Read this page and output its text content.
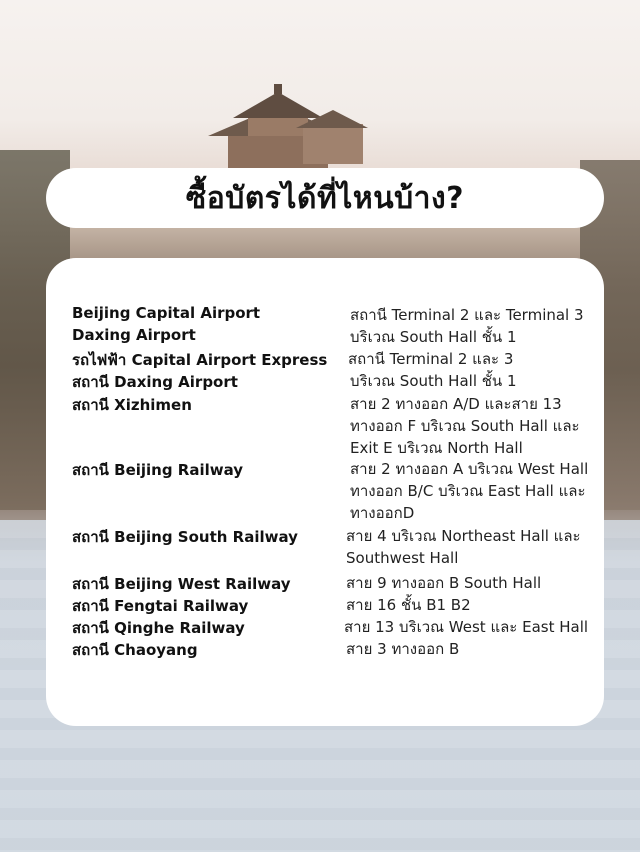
ซื้อบัตรได้ที่ไหนบ้าง?
Beijing Capital Airport	สถานี Terminal 2 และ Terminal 3
Daxing Airport	บริเวณ South Hall ชั้น 1
รถไฟฟ้า Capital Airport Express สถานี Terminal 2 และ 3
สถานี Daxing Airport	บริเวณ South Hall ชั้น 1
สถานี Xizhimen	สาย 2 ทางออก A/D และสาย 13
ทางออก F บริเวณ South Hall และ
Exit E บริเวณ North Hall
สถานี Beijing Railway	สาย 2 ทางออก A บริเวณ West Hall
ทางออก B/C บริเวณ East Hall และ
ทางออกD
สถานี Beijing South Railway	สาย 4 บริเวณ Northeast Hall และ
Southwest Hall
สถานี Beijing West Railway	สาย 9 ทางออก B South Hall
สถานี Fengtai Railway	สาย 16 ชั้น B1 B2
สถานี Qinghe Railway	สาย 13 บริเวณ West และ East Hall
สถานี Chaoyang	สาย 3 ทางออก B
